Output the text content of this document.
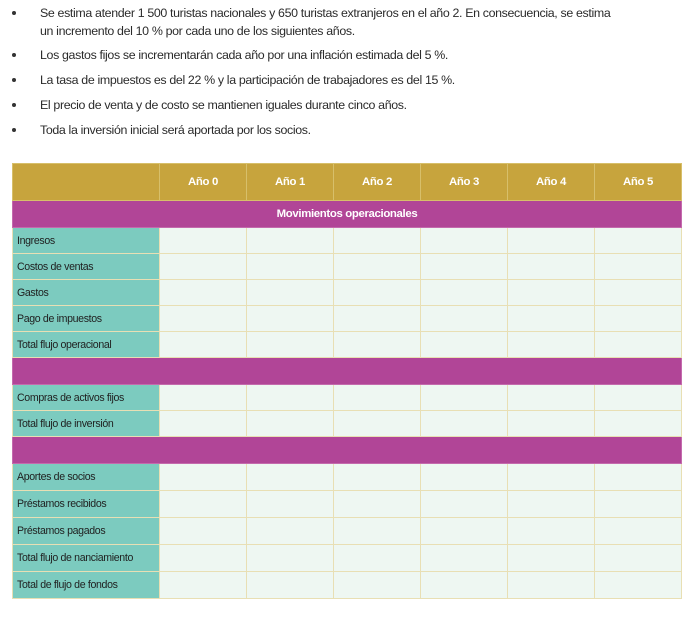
Se estima atender 1 500 turistas nacionales y 650 turistas extranjeros en el año 2. En consecuencia, se estima
un incremento del 10 % por cada uno de los siguientes años.
Los gastos fijos se incrementarán cada año por una inflación estimada del 5 %.
La tasa de impuestos es del 22 % y la participación de trabajadores es del 15 %.
El precio de venta y de costo se mantienen iguales durante cinco años.
Toda la inversión inicial será aportada por los socios.
	Año 0	Año 1	Año 2	Año 3	Año 4	Año 5
Movimientos operacionales						
Ingresos						
Costos de ventas						
Gastos						
Pago de impuestos						
Total flujo operacional						

Compras de activos fijos						
Total flujo de inversión						

Aportes de socios						
Préstamos recibidos						
Préstamos pagados						
Total flujo de nanciamiento						
Total de flujo de fondos						
